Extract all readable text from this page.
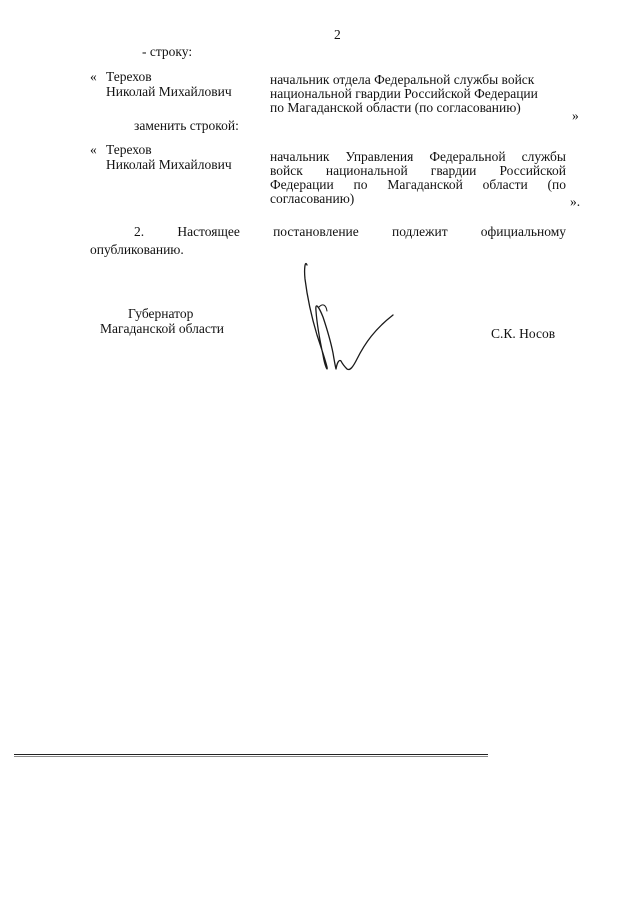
2
- строку:
« Терехов
Николай Михайлович
начальник отдела Федеральной службы войск
национальной гвардии Российской Федерации
по Магаданской области (по согласованию)
»
заменить строкой:
« Терехов
Николай Михайлович
начальник Управления Федеральной службы
войск национальной гвардии Российской
Федерации по Магаданской области (по
согласованию)	».
2. Настоящее постановление подлежит официальному
опубликованию.
Губернатор
Магаданской области	С.К. Носов
